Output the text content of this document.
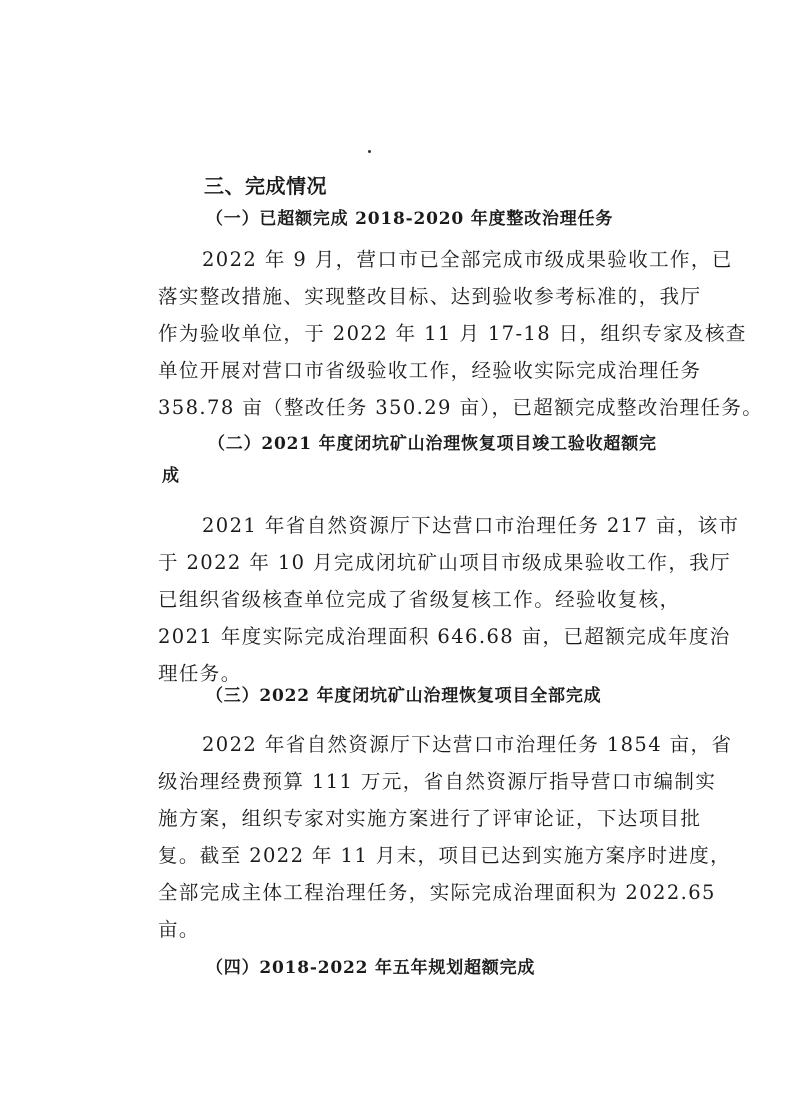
三、完成情况
（一）已超额完成 2018-2020 年度整改治理任务
2022 年 9 月，营口市已全部完成市级成果验收工作，已
落实整改措施、实现整改目标、达到验收参考标准的，我厅
作为验收单位，于 2022 年 11 月 17-18 日，组织专家及核查
单位开展对营口市省级验收工作，经验收实际完成治理任务
358.78 亩（整改任务 350.29 亩），已超额完成整改治理任务。
（二）2021 年度闭坑矿山治理恢复项目竣工验收超额完
成
2021 年省自然资源厅下达营口市治理任务 217 亩，该市
于 2022 年 10 月完成闭坑矿山项目市级成果验收工作，我厅
已组织省级核查单位完成了省级复核工作。经验收复核，
2021 年度实际完成治理面积 646.68 亩，已超额完成年度治
理任务。
（三）2022 年度闭坑矿山治理恢复项目全部完成
2022 年省自然资源厅下达营口市治理任务 1854 亩，省
级治理经费预算 111 万元，省自然资源厅指导营口市编制实
施方案，组织专家对实施方案进行了评审论证，下达项目批
复。截至 2022 年 11 月末，项目已达到实施方案序时进度，
全部完成主体工程治理任务，实际完成治理面积为 2022.65
亩。
（四）2018-2022 年五年规划超额完成
